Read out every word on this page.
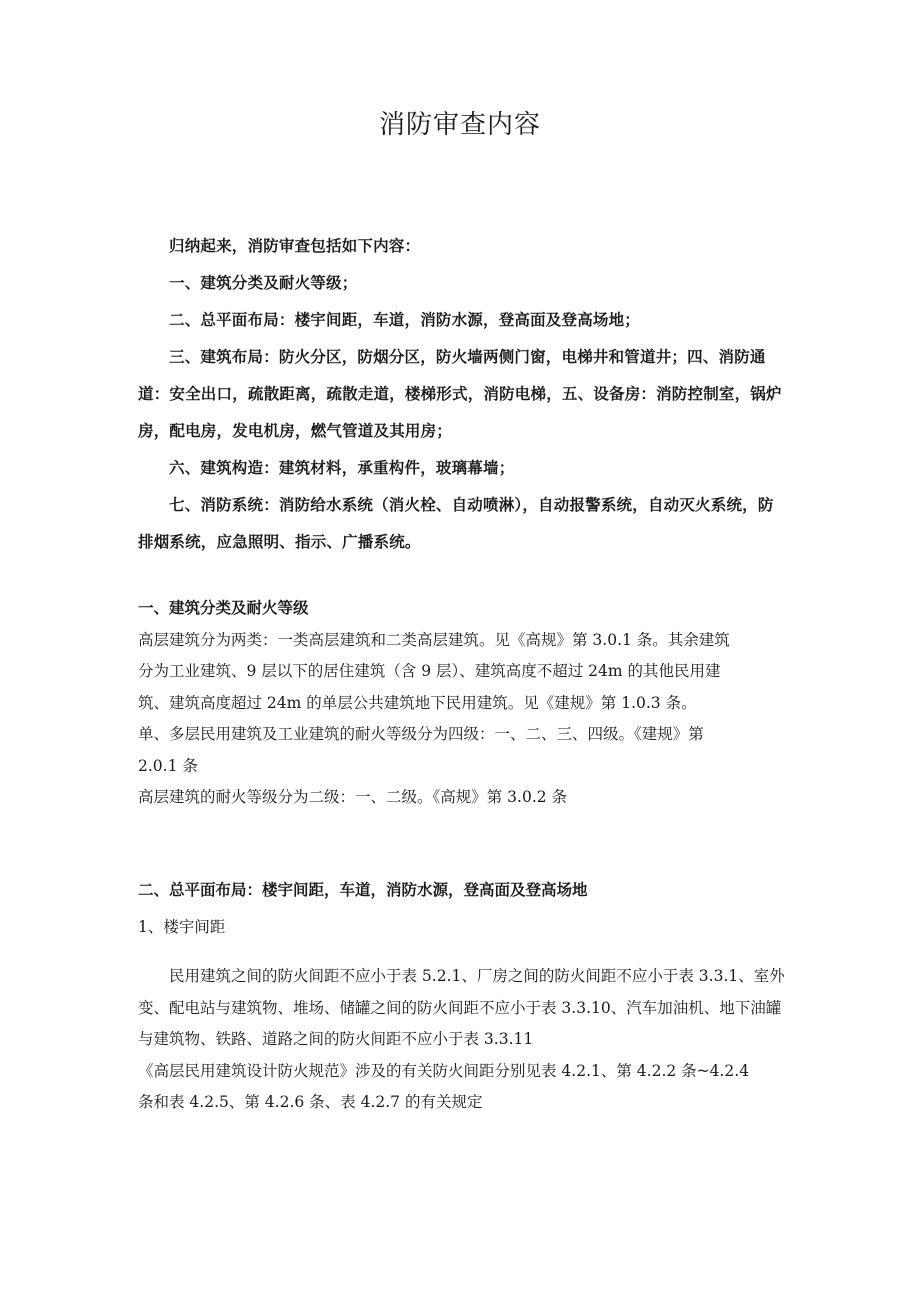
消防审查内容

归纳起来，消防审查包括如下内容：

一、建筑分类及耐火等级；

二、总平面布局：楼宇间距，车道，消防水源，登高面及登高场地；

三、建筑布局：防火分区，防烟分区，防火墙两侧门窗，电梯井和管道井；四、消防通道：安全出口，疏散距离，疏散走道，楼梯形式，消防电梯，五、设备房：消防控制室，锅炉房，配电房，发电机房，燃气管道及其用房；

六、建筑构造：建筑材料，承重构件，玻璃幕墙；

七、消防系统：消防给水系统（消火栓、自动喷淋），自动报警系统，自动灭火系统，防排烟系统，应急照明、指示、广播系统。

一、建筑分类及耐火等级

高层建筑分为两类：一类高层建筑和二类高层建筑。见《高规》第 3.0.1 条。其余建筑

分为工业建筑、9 层以下的居住建筑（含 9 层）、建筑高度不超过 24m 的其他民用建

筑、建筑高度超过 24m 的单层公共建筑地下民用建筑。见《建规》第 1.0.3 条。

单、多层民用建筑及工业建筑的耐火等级分为四级：一、二、三、四级。《建规》第

2.0.1 条

高层建筑的耐火等级分为二级：一、二级。《高规》第 3.0.2 条

二、总平面布局：楼宇间距，车道，消防水源，登高面及登高场地

1、楼宇间距

民用建筑之间的防火间距不应小于表 5.2.1、厂房之间的防火间距不应小于表 3.3.1、室外变、配电站与建筑物、堆场、储罐之间的防火间距不应小于表 3.3.10、汽车加油机、地下油罐与建筑物、铁路、道路之间的防火间距不应小于表 3.3.11

《高层民用建筑设计防火规范》涉及的有关防火间距分别见表 4.2.1、第 4.2.2 条~4.2.4

条和表 4.2.5、第 4.2.6 条、表 4.2.7 的有关规定
